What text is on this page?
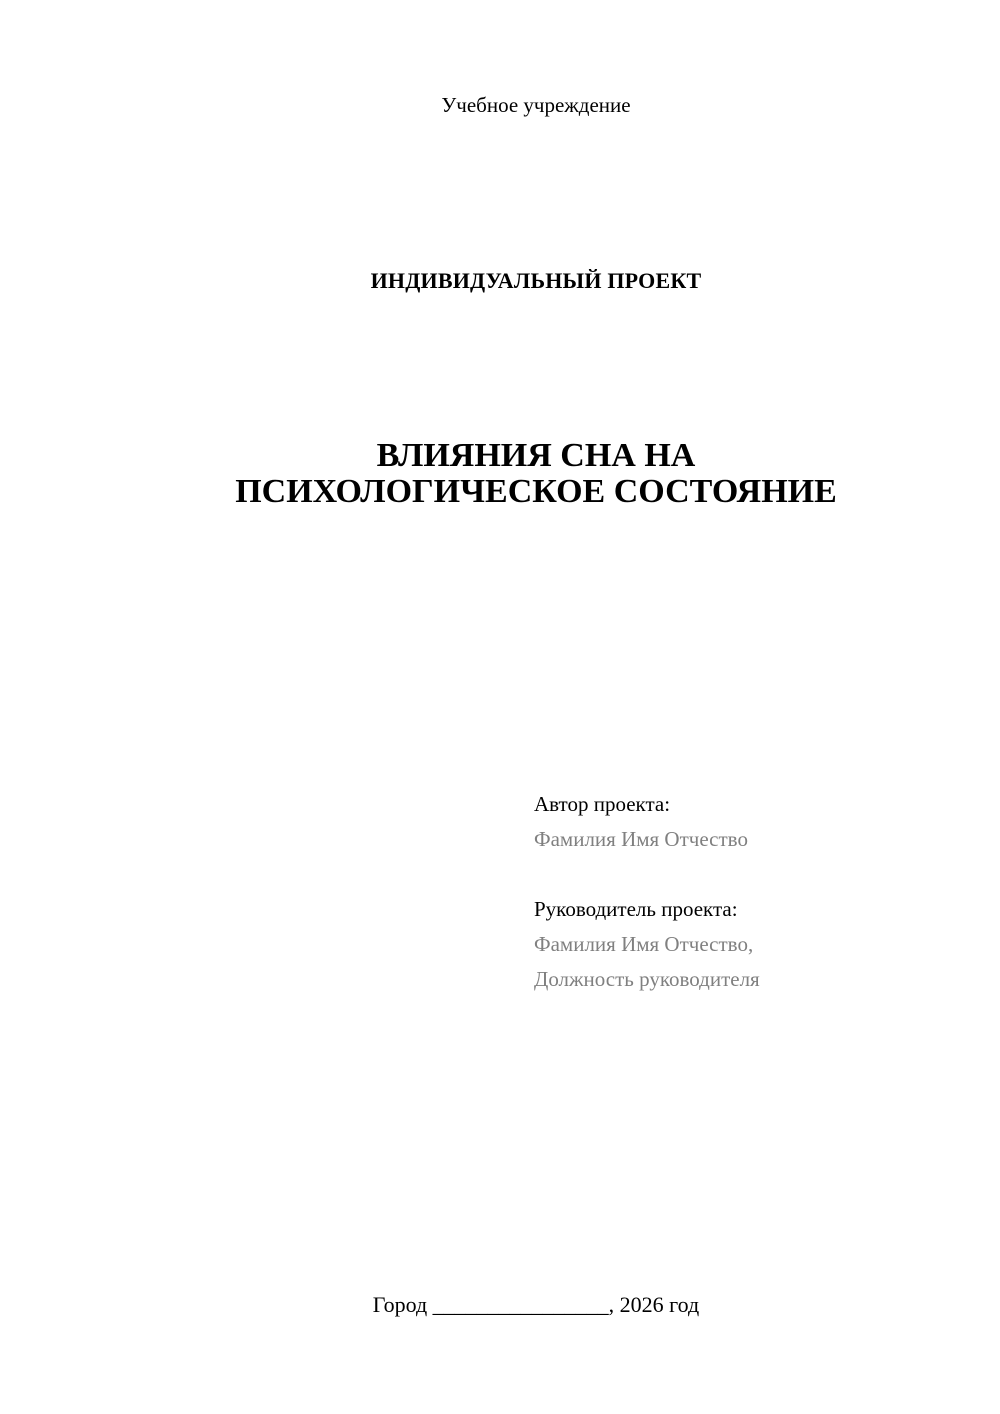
Учебное учреждение
ИНДИВИДУАЛЬНЫЙ ПРОЕКТ
ВЛИЯНИЯ СНА НА
ПСИХОЛОГИЧЕСКОЕ СОСТОЯНИЕ
Автор проекта:
Фамилия Имя Отчество
Руководитель проекта:
Фамилия Имя Отчество,
Должность руководителя
Город ________________, 2026 год
